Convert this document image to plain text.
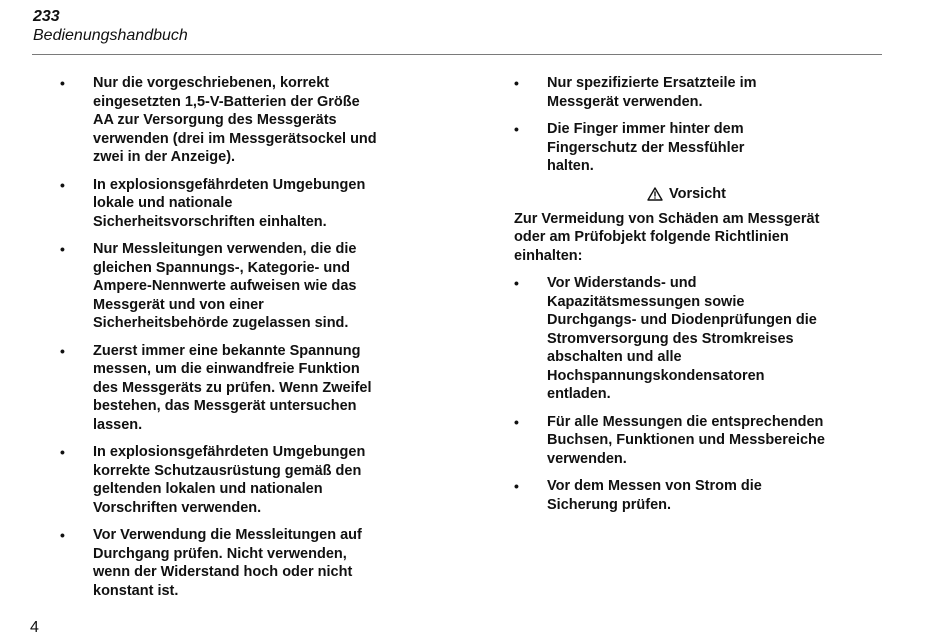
233
Bedienungshandbuch
•	Nur die vorgeschriebenen, korrekt
eingesetzten 1,5-V-Batterien der Größe
AA zur Versorgung des Messgeräts
verwenden (drei im Messgerätsockel und
zwei in der Anzeige).
•	In explosionsgefährdeten Umgebungen
lokale und nationale
Sicherheitsvorschriften einhalten.
•	Nur Messleitungen verwenden, die die
gleichen Spannungs-, Kategorie- und
Ampere-Nennwerte aufweisen wie das
Messgerät und von einer
Sicherheitsbehörde zugelassen sind.
•	Zuerst immer eine bekannte Spannung
messen, um die einwandfreie Funktion
des Messgeräts zu prüfen. Wenn Zweifel
bestehen, das Messgerät untersuchen
lassen.
•	In explosionsgefährdeten Umgebungen
korrekte Schutzausrüstung gemäß den
geltenden lokalen und nationalen
Vorschriften verwenden.
•	Vor Verwendung die Messleitungen auf
Durchgang prüfen. Nicht verwenden,
wenn der Widerstand hoch oder nicht
konstant ist.
•	Nur spezifizierte Ersatzteile im
Messgerät verwenden.
•	Die Finger immer hinter dem
Fingerschutz der Messfühler
halten.
Vorsicht
Zur Vermeidung von Schäden am Messgerät
oder am Prüfobjekt folgende Richtlinien
einhalten:
•	Vor Widerstands- und
Kapazitätsmessungen sowie
Durchgangs- und Diodenprüfungen die
Stromversorgung des Stromkreises
abschalten und alle
Hochspannungskondensatoren
entladen.
•	Für alle Messungen die entsprechenden
Buchsen, Funktionen und Messbereiche
verwenden.
•	Vor dem Messen von Strom die
Sicherung prüfen.
4
